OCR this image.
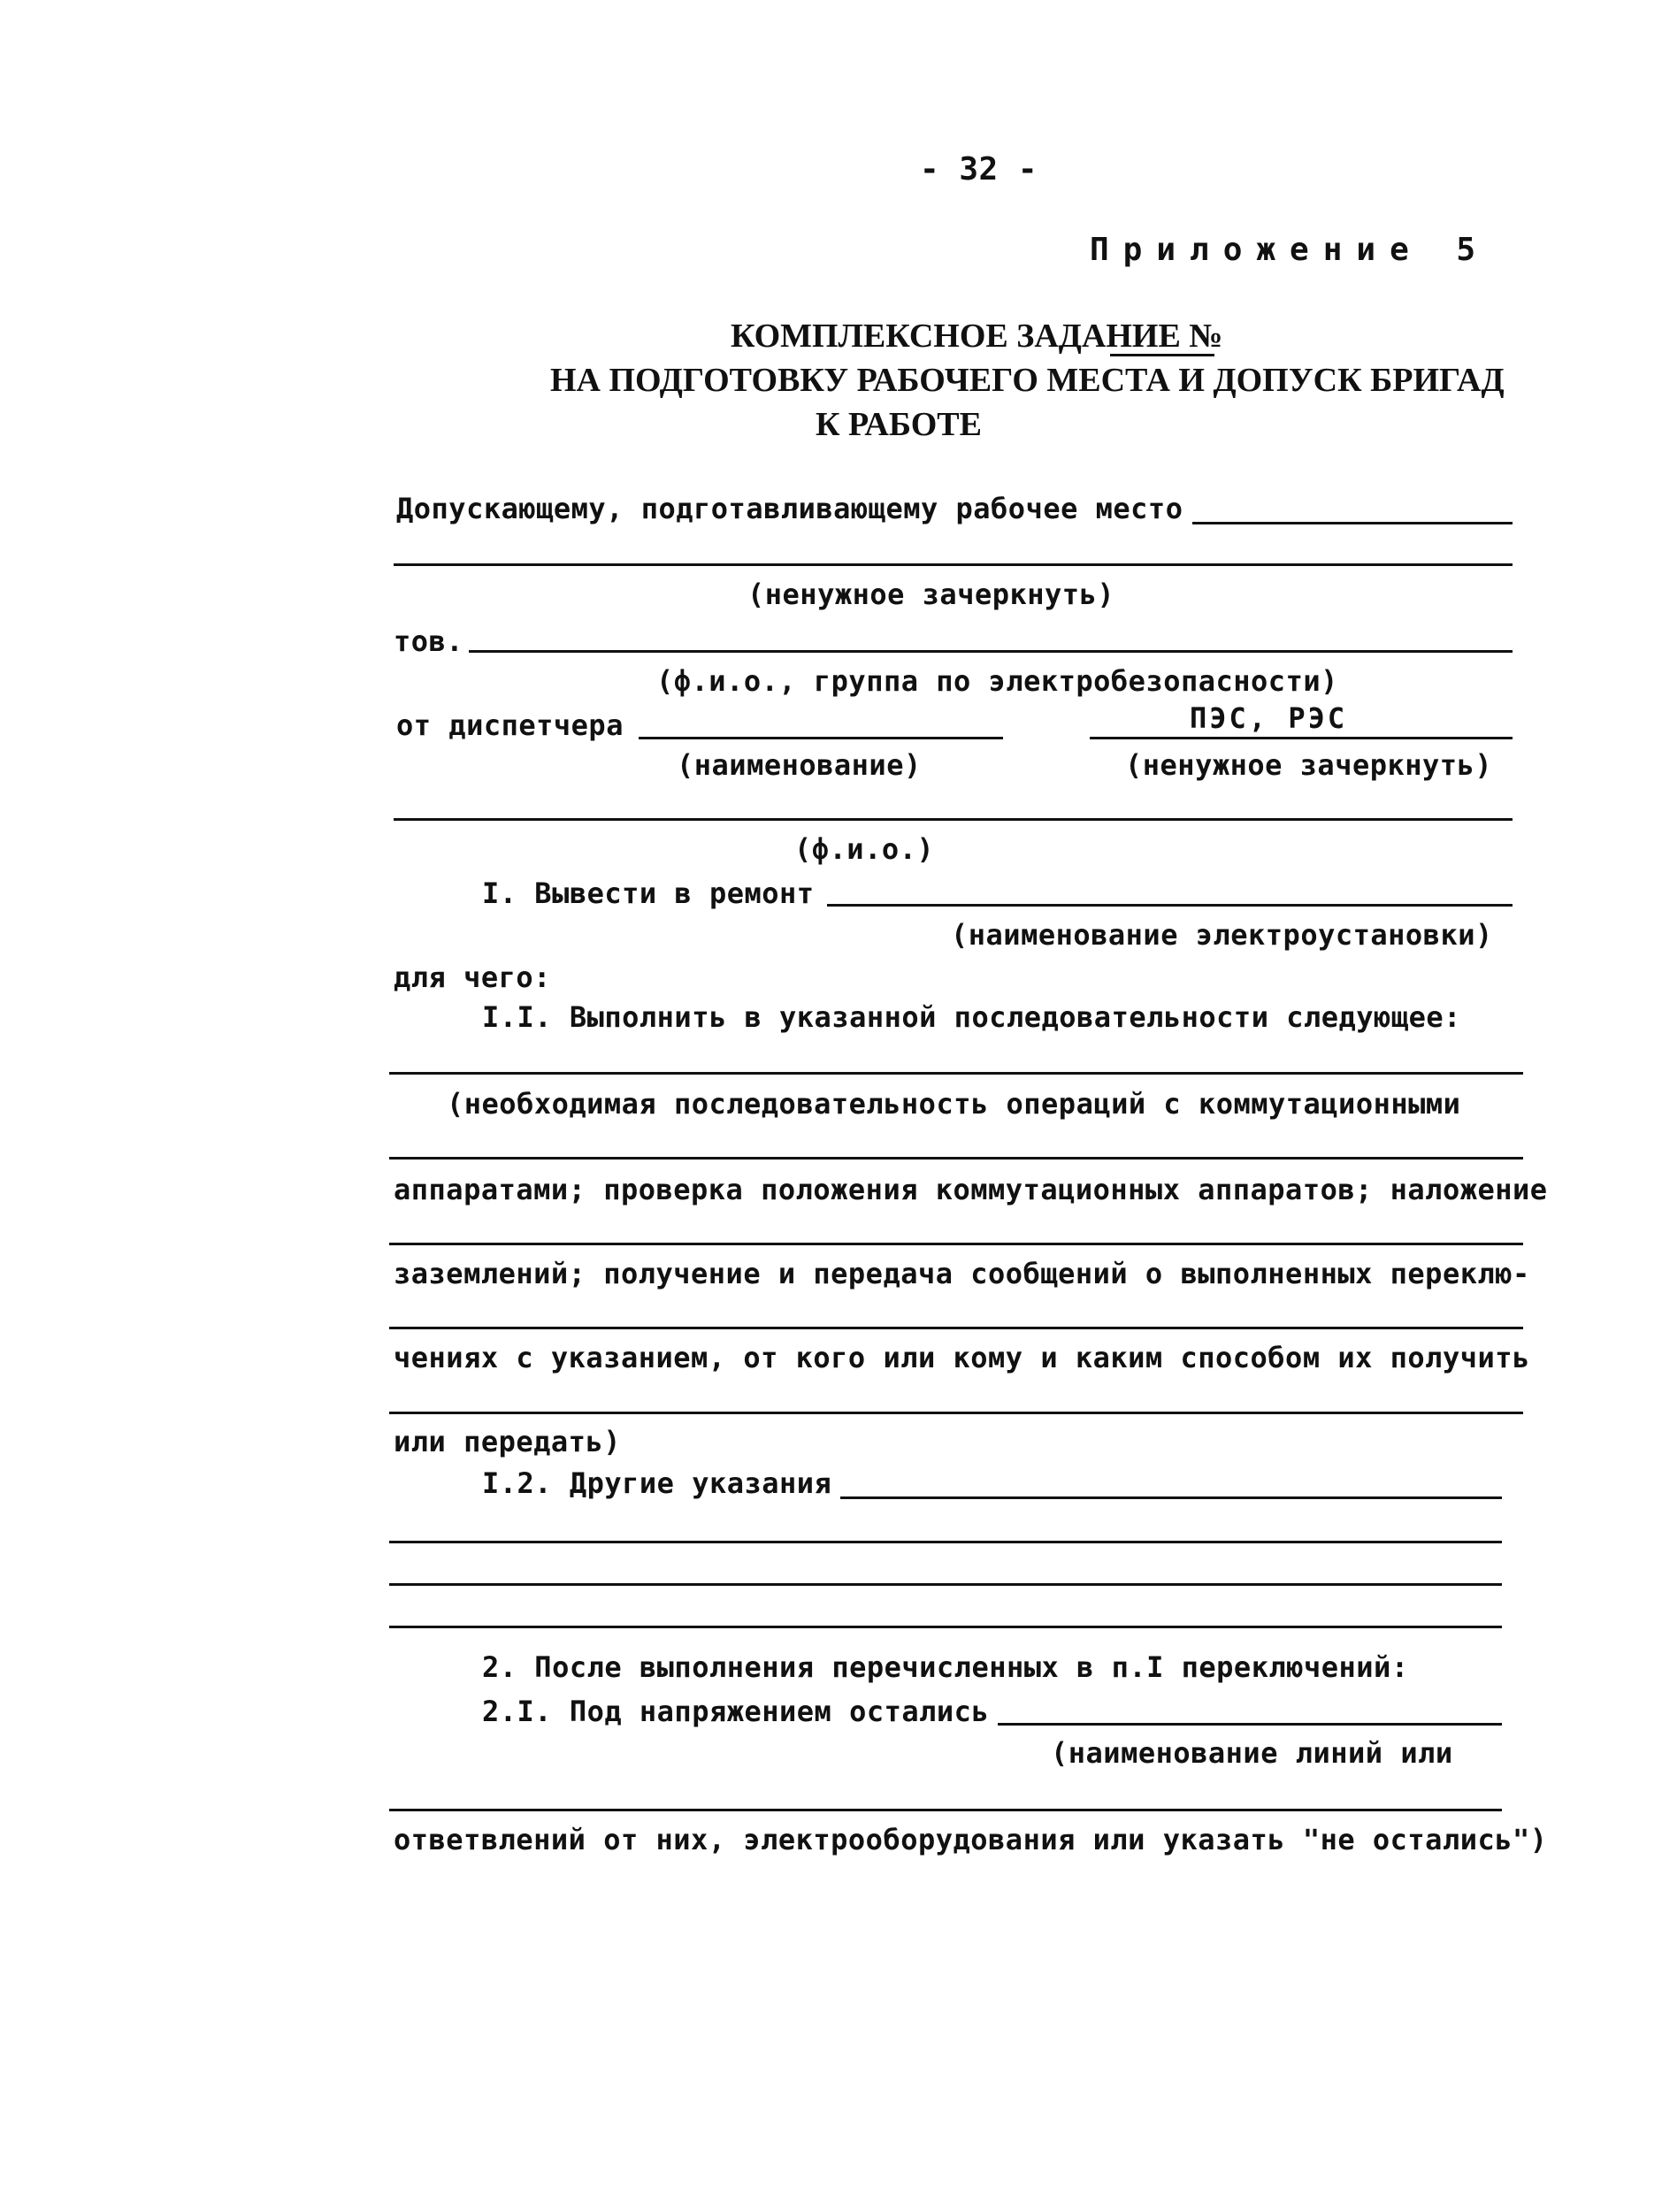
- 32 -
Приложение 5
КОМПЛЕКСНОЕ ЗАДАНИЕ №
НА ПОДГОТОВКУ РАБОЧЕГО МЕСТА И ДОПУСК БРИГАД
К РАБОТЕ
Допускающему, подготавливающему рабочее место
(ненужное зачеркнуть)
тов.
(ф.и.о., группа по электробезопасности)
от диспетчера	ПЭС, РЭС
(наименование)	(ненужное зачеркнуть)
(ф.и.о.)
I. Вывести в ремонт
(наименование электроустановки)
для чего:
I.I. Выполнить в указанной последовательности следующее:
(необходимая последовательность операций с коммутационными
аппаратами; проверка положения коммутационных аппаратов; наложение
заземлений; получение и передача сообщений о выполненных переклю-
чениях с указанием, от кого или кому и каким способом их получить
или передать)
I.2. Другие указания
2. После выполнения перечисленных в п.I переключений:
2.I. Под напряжением остались
(наименование линий или
ответвлений от них, электрооборудования или указать "не остались")
